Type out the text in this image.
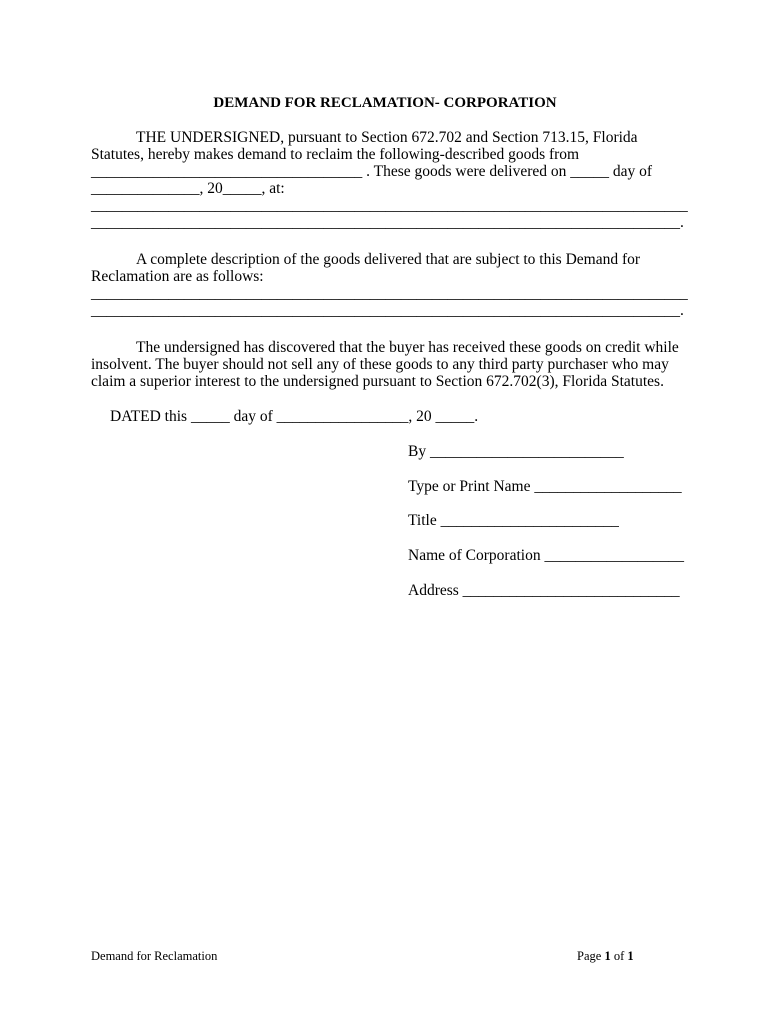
DEMAND FOR RECLAMATION- CORPORATION
THE UNDERSIGNED, pursuant to Section 672.702 and Section 713.15, Florida
Statutes, hereby makes demand to reclaim the following-described goods from
___________________________________ . These goods were delivered on _____ day of
______________, 20_____, at:
_____________________________________________________________________________
____________________________________________________________________________.
A complete description of the goods delivered that are subject to this Demand for
Reclamation are as follows:
_____________________________________________________________________________
____________________________________________________________________________.
The undersigned has discovered that the buyer has received these goods on credit while
insolvent. The buyer should not sell any of these goods to any third party purchaser who may
claim a superior interest to the undersigned pursuant to Section 672.702(3), Florida Statutes.
DATED this _____ day of _________________, 20 _____.
By _________________________
Type or Print Name ___________________
Title _______________________
Name of Corporation __________________
Address ____________________________
Demand for Reclamation	Page 1 of 1
